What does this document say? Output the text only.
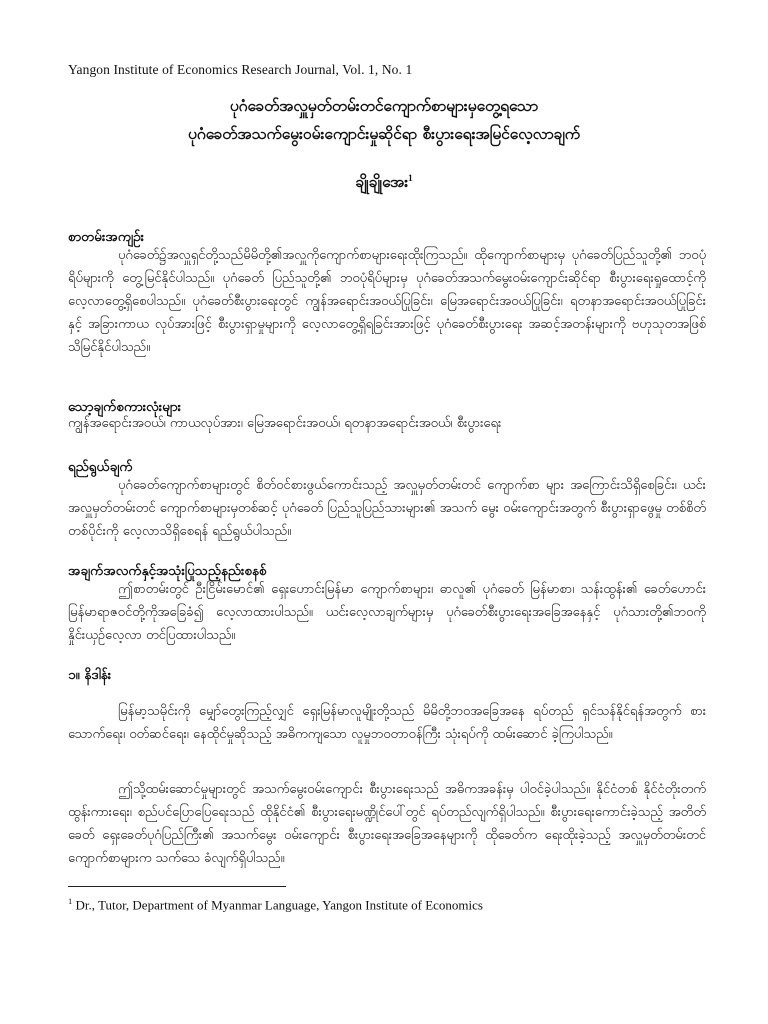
Yangon Institute of Economics Research Journal, Vol. 1, No. 1
ပုဂံခေတ်အလှူမှတ်တမ်းတင်ကျောက်စာများမှတွေ့ရသော
ပုဂံခေတ်အသက်မွေးဝမ်းကျောင်းမှုဆိုင်ရာ စီးပွားရေးအမြင်လေ့လာချက်
ချိုချိုအေး$^1$
စာတမ်းအကျဉ်း
ပုဂံခေတ်၌အလှူရှင်တို့သည်မိမိတို့၏အလှူကိုကျောက်စာများရေးထိုးကြသည်။ ထိုကျောက်စာများမှ ပုဂံခေတ်ပြည်သူတို့၏ ဘဝပုံရိပ်များကို တွေ့မြင်နိုင်ပါသည်။ ပုဂံခေတ် ပြည်သူတို့၏ ဘဝပုံရိပ်များမှ ပုဂံခေတ်အသက်မွေးဝမ်းကျောင်းဆိုင်ရာ စီးပွားရေးရှုထောင့်ကို လေ့လာတွေ့ရှိစေပါသည်။ ပုဂံခေတ်စီးပွားရေးတွင် ကျွန်အရောင်းအဝယ်ပြုခြင်း၊ မြေအရောင်းအဝယ်ပြုခြင်း၊ ရတနာအရောင်းအဝယ်ပြုခြင်းနှင့် အခြားကာယ လုပ်အားဖြင့် စီးပွားရှာမှုများကို လေ့လာတွေ့ရှိရခြင်းအားဖြင့် ပုဂံခေတ်စီးပွားရေး အဆင့်အတန်းများကို ဗဟုသုတအဖြစ် သိမြင်နိုင်ပါသည်။
သော့ချက်စကားလုံးများ
ကျွန်အရောင်းအဝယ်၊ ကာယလုပ်အား၊ မြေအရောင်းအဝယ်၊ ရတနာအရောင်းအဝယ်၊ စီးပွားရေး
ရည်ရွယ်ချက်
ပုဂံခေတ်ကျောက်စာများတွင် စိတ်ဝင်စားဖွယ်ကောင်းသည့် အလှူမှတ်တမ်းတင် ကျောက်စာ များ အကြောင်းသိရှိစေခြင်း၊ ယင်းအလှူမှတ်တမ်းတင် ကျောက်စာများမှတစ်ဆင့် ပုဂံခေတ် ပြည်သူပြည်သားများ၏ အသက် မွေး ဝမ်းကျောင်းအတွက် စီးပွားရှာဖွေမှု တစ်စိတ်တစ်ပိုင်းကို လေ့လာသိရှိစေရန် ရည်ရွယ်ပါသည်။
အချက်အလက်နှင့်အသုံးပြုသည့်နည်းစနစ်
ဤစာတမ်းတွင် ဦးငြိမ်းမောင်၏ ရှေးဟောင်းမြန်မာ ကျောက်စာများ၊ ဓာလူ၏ ပုဂံခေတ် မြန်မာစာ၊ သန်းထွန်း၏ ခေတ်ဟောင်းမြန်မာရာဇဝင်တို့ကိုအခြေခံ၍ လေ့လာထားပါသည်။ ယင်းလေ့လာချက်များမှ ပုဂံခေတ်စီးပွားရေးအခြေအနေနှင့် ပုဂံသားတို့၏ဘဝကို နှိုင်းယှဉ်လေ့လာ တင်ပြထားပါသည်။
၁။ နိဒါန်း
မြန်မာ့သမိုင်းကို မျှော်တွေးကြည့်လျှင် ရှေးမြန်မာလူမျိုးတို့သည် မိမိတို့ဘဝအခြေအနေ ရပ်တည် ရှင်သန်နိုင်ရန်အတွက် စားသောက်ရေး၊ ဝတ်ဆင်ရေး၊ နေထိုင်မှုဆိုသည့် အဓိကကျသော လူမှုဘဝတာဝန်ကြီး သုံးရပ်ကို ထမ်းဆောင် ခဲ့ကြပါသည်။
ဤသို့ထမ်းဆောင်မှုများတွင် အသက်မွေးဝမ်းကျောင်း စီးပွားရေးသည် အဓိကအခန်းမှ ပါဝင်ခဲ့ပါသည်။ နိုင်ငံတစ် နိုင်ငံတိုးတက်ထွန်းကားရေး၊ စည်ပင်ပြောပြေရေးသည် ထိုနိုင်ငံ၏ စီးပွားရေးမဏ္ဍိုင်ပေါ်တွင် ရပ်တည်လျက်ရှိပါသည်။ စီးပွားရေးကောင်းခဲ့သည့် အတိတ်ခေတ် ရှေးခေတ်ပုဂံပြည်ကြီး၏ အသက်မွေး ဝမ်းကျောင်း စီးပွားရေးအခြေအနေများကို ထိုခေတ်က ရေးထိုးခဲ့သည့် အလှူမှတ်တမ်းတင် ကျောက်စာများက သက်သေ ခံလျက်ရှိပါသည်။
$^1$ Dr., Tutor, Department of Myanmar Language, Yangon Institute of Economics
